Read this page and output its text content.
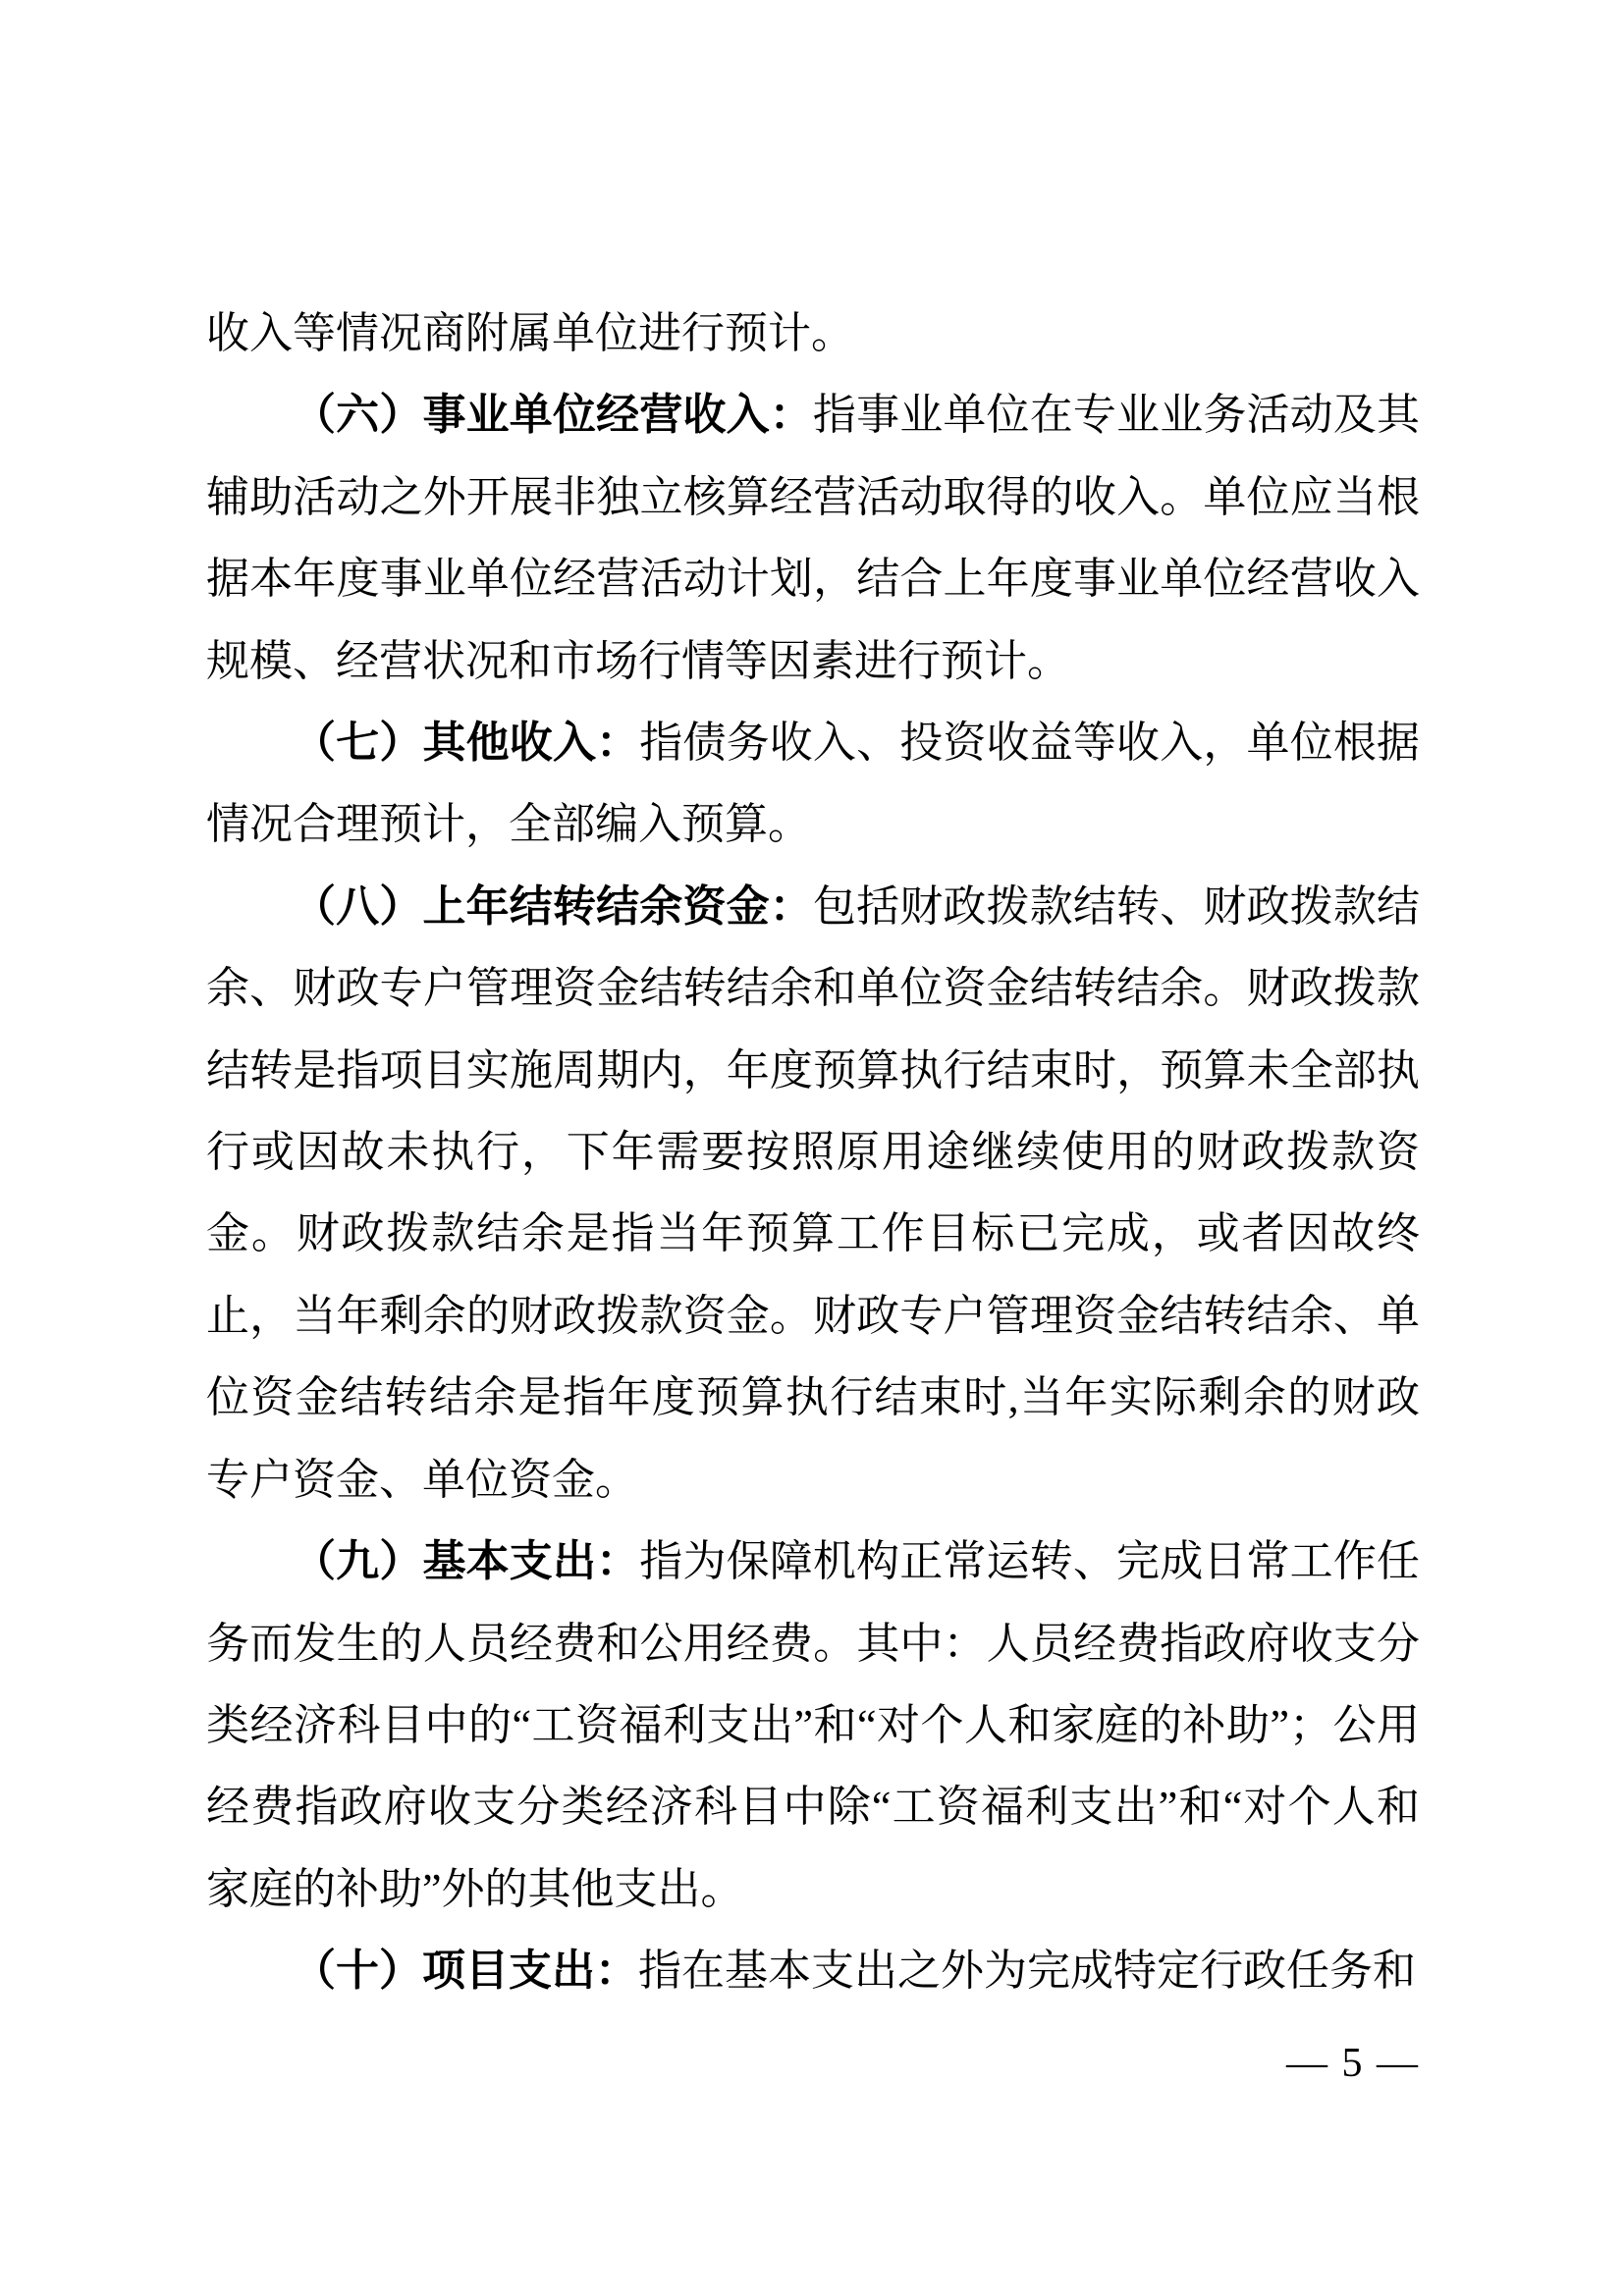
收入等情况商附属单位进行预计。

（六）事业单位经营收入：指事业单位在专业业务活动及其辅助活动之外开展非独立核算经营活动取得的收入。单位应当根据本年度事业单位经营活动计划，结合上年度事业单位经营收入规模、经营状况和市场行情等因素进行预计。

（七）其他收入：指债务收入、投资收益等收入，单位根据情况合理预计，全部编入预算。

（八）上年结转结余资金：包括财政拨款结转、财政拨款结余、财政专户管理资金结转结余和单位资金结转结余。财政拨款结转是指项目实施周期内，年度预算执行结束时，预算未全部执行或因故未执行，下年需要按照原用途继续使用的财政拨款资金。财政拨款结余是指当年预算工作目标已完成，或者因故终止，当年剩余的财政拨款资金。财政专户管理资金结转结余、单位资金结转结余是指年度预算执行结束时,当年实际剩余的财政专户资金、单位资金。

（九）基本支出：指为保障机构正常运转、完成日常工作任务而发生的人员经费和公用经费。其中：人员经费指政府收支分类经济科目中的“工资福利支出”和“对个人和家庭的补助”；公用经费指政府收支分类经济科目中除“工资福利支出”和“对个人和家庭的补助”外的其他支出。

（十）项目支出：指在基本支出之外为完成特定行政任务和

— 5 —
